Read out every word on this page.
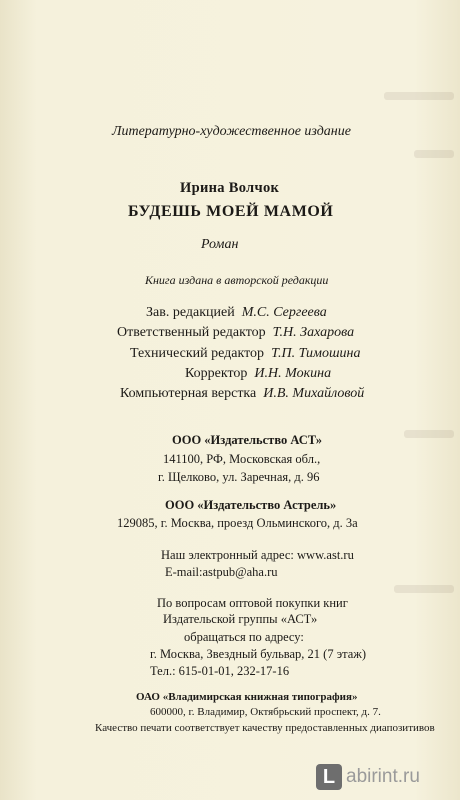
Литературно-художественное издание
Ирина Волчок
БУДЕШЬ МОЕЙ МАМОЙ
Роман
Книга издана в авторской редакции
Зав. редакцией М.С. Сергеева
Ответственный редактор Т.Н. Захарова
Технический редактор Т.П. Тимошина
Корректор И.Н. Мокина
Компьютерная верстка И.В. Михайловой
ООО «Издательство АСТ»
141100, РФ, Московская обл.,
г. Щелково, ул. Заречная, д. 96
ООО «Издательство Астрель»
129085, г. Москва, проезд Ольминского, д. 3а
Наш электронный адрес: www.ast.ru
E-mail:astpub@aha.ru
По вопросам оптовой покупки книг
Издательской группы «АСТ»
обращаться по адресу:
г. Москва, Звездный бульвар, 21 (7 этаж)
Тел.: 615-01-01, 232-17-16
ОАО «Владимирская книжная типография»
600000, г. Владимир, Октябрьский проспект, д. 7.
Качество печати соответствует качеству предоставленных диапозитивов
L abirint.ru
